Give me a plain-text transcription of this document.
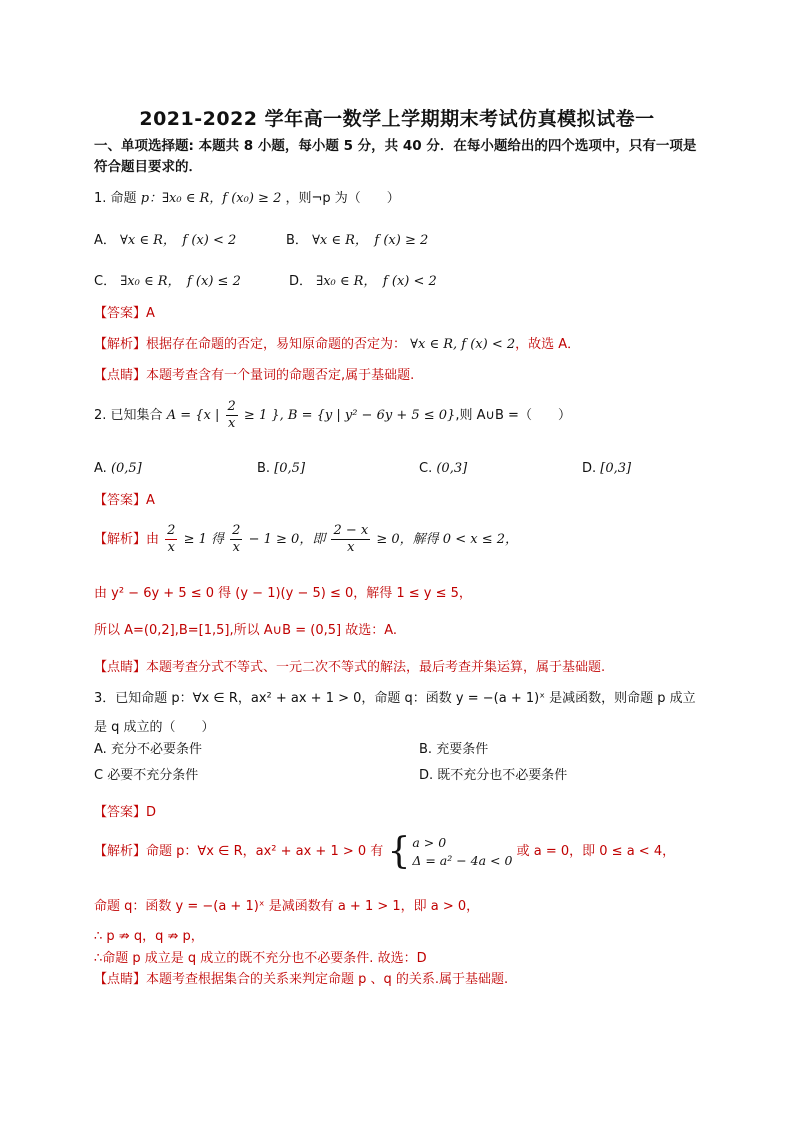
2021-2022 学年高一数学上学期期末考试仿真模拟试卷一
一、单项选择题: 本题共 8 小题，每小题 5 分，共 40 分．在每小题给出的四个选项中，只有一项是
符合题目要求的．
1. 命题 p：∃x₀ ∈ R，f (x₀) ≥ 2 ，则¬p 为（　　）
A． ∀x ∈ R，　f (x) < 2	B． ∀x ∈ R，　f (x) ≥ 2
C． ∃x₀ ∈ R，　f (x) ≤ 2	D． ∃x₀ ∈ R，　f (x) < 2
【答案】A
【解析】根据存在命题的否定，易知原命题的否定为： ∀x ∈ R, f (x) < 2，故选 A．
【点睛】本题考查含有一个量词的命题否定,属于基础题.
2. 已知集合 A = {x | $\frac{2}{x} \ge 1$ }, B = {y | y² − 6y + 5 ≤ 0},则 A∪B =（　　）
A. (0,5]	B. [0,5]	C. (0,3]	D. [0,3]
【答案】A
【解析】由 $\frac{2}{x} \ge 1$ 得 $\frac{2}{x} - 1 \ge 0$，即 $\frac{2 - x}{x} \ge 0$，解得 0 < x ≤ 2，
由 y² − 6y + 5 ≤ 0 得 (y − 1)(y − 5) ≤ 0，解得 1 ≤ y ≤ 5，
所以 A=(0,2],B=[1,5],所以 A∪B = (0,5] 故选：A.
【点睛】本题考查分式不等式、一元二次不等式的解法，最后考查并集运算，属于基础题.
3．已知命题 p：∀x ∈ R，ax² + ax + 1 > 0，命题 q：函数 y = −(a + 1)ˣ 是减函数，则命题 p 成立
是 q 成立的（　　）
A. 充分不必要条件	B. 充要条件
C 必要不充分条件	D. 既不充分也不必要条件
【答案】D
【解析】命题 p：∀x ∈ R，ax² + ax + 1 > 0 有 { a > 0
Δ = a² − 4a < 0
或 a = 0，即 0 ≤ a < 4，
命题 q：函数 y = −(a + 1)ˣ 是减函数有 a + 1 > 1，即 a > 0，
∴ p ⇏ q，q ⇏ p，
∴命题 p 成立是 q 成立的既不充分也不必要条件. 故选：D
【点睛】本题考查根据集合的关系来判定命题 p 、q 的关系.属于基础题.
